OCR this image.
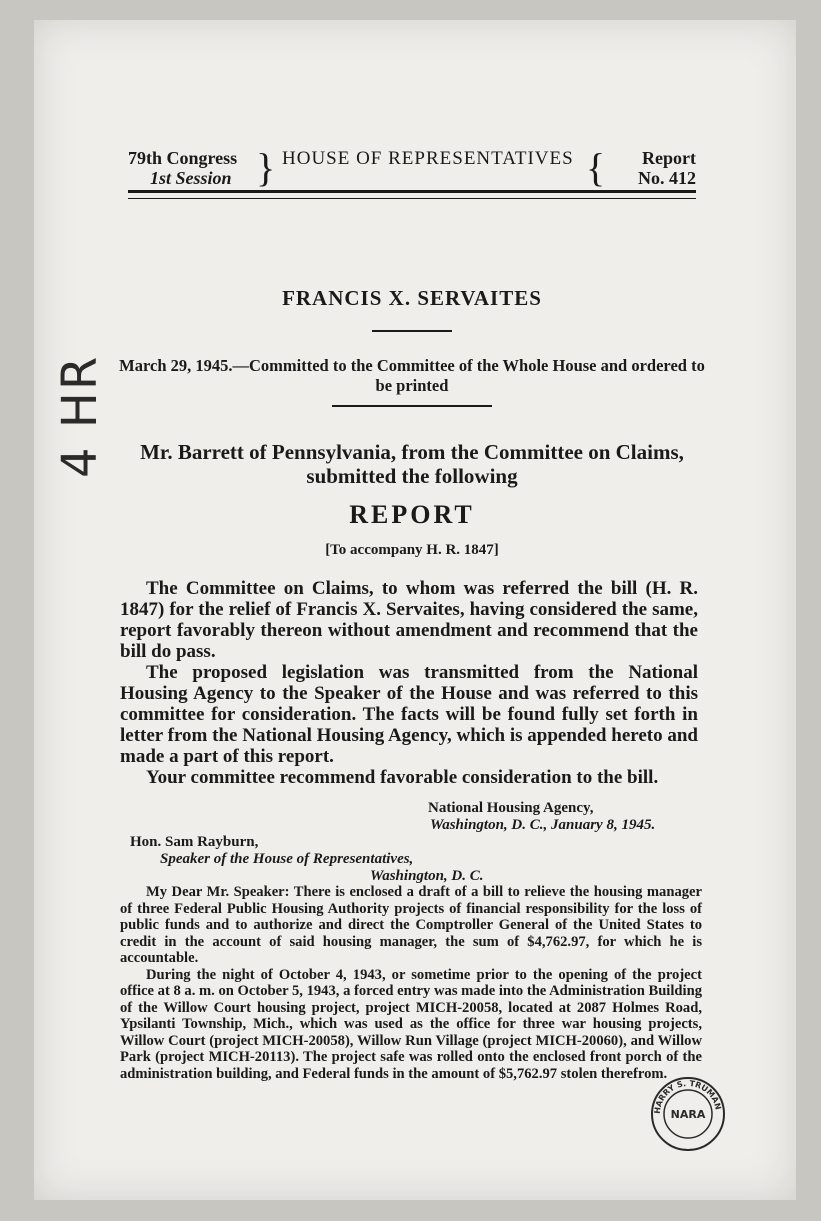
4 HR
79th Congress
1st Session } HOUSE OF REPRESENTATIVES { Report
No. 412
FRANCIS X. SERVAITES
March 29, 1945.—Committed to the Committee of the Whole House and ordered to be printed
Mr. Barrett of Pennsylvania, from the Committee on Claims, submitted the following
REPORT
[To accompany H. R. 1847]

The Committee on Claims, to whom was referred the bill (H. R. 1847) for the relief of Francis X. Servaites, having considered the same, report favorably thereon without amendment and recommend that the bill do pass.

The proposed legislation was transmitted from the National Housing Agency to the Speaker of the House and was referred to this committee for consideration. The facts will be found fully set forth in letter from the National Housing Agency, which is appended hereto and made a part of this report.

Your committee recommend favorable consideration to the bill.

National Housing Agency,
Washington, D. C., January 8, 1945.
Hon. Sam Rayburn,
Speaker of the House of Representatives,
Washington, D. C.

My Dear Mr. Speaker: There is enclosed a draft of a bill to relieve the housing manager of three Federal Public Housing Authority projects of financial responsibility for the loss of public funds and to authorize and direct the Comptroller General of the United States to credit in the account of said housing manager, the sum of $4,762.97, for which he is accountable.

During the night of October 4, 1943, or sometime prior to the opening of the project office at 8 a. m. on October 5, 1943, a forced entry was made into the Administration Building of the Willow Court housing project, project MICH-20058, located at 2087 Holmes Road, Ypsilanti Township, Mich., which was used as the office for three war housing projects, Willow Court (project MICH-20058), Willow Run Village (project MICH-20060), and Willow Park (project MICH-20113). The project safe was rolled onto the enclosed front porch of the administration building, and Federal funds in the amount of $5,762.97 stolen therefrom.

HARRY S. TRUMAN
NARA
